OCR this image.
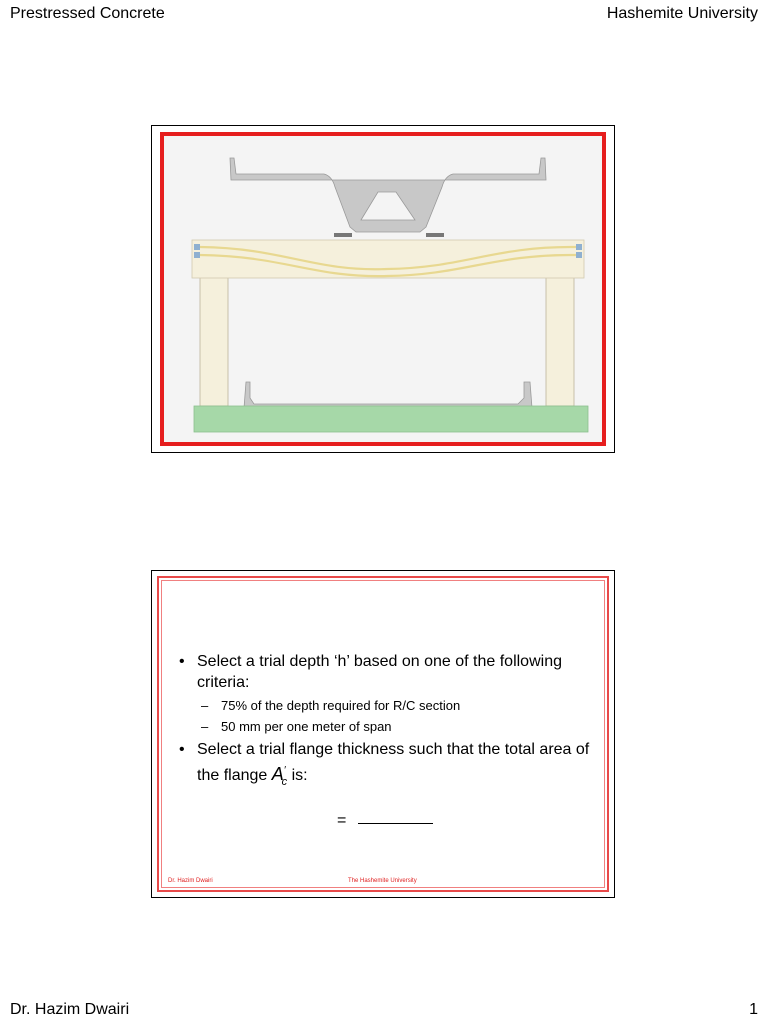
Prestressed Concrete	Hashemite University
• Select a trial depth ‘h’ based on one of the following criteria:
– 75% of the depth required for R/C section
– 50 mm per one meter of span
• Select a trial flange thickness such that the total area of the flange $A'_c$ is:
=
Dr. Hazim Dwairi	The Hashemite University
Dr. Hazim Dwairi	1
